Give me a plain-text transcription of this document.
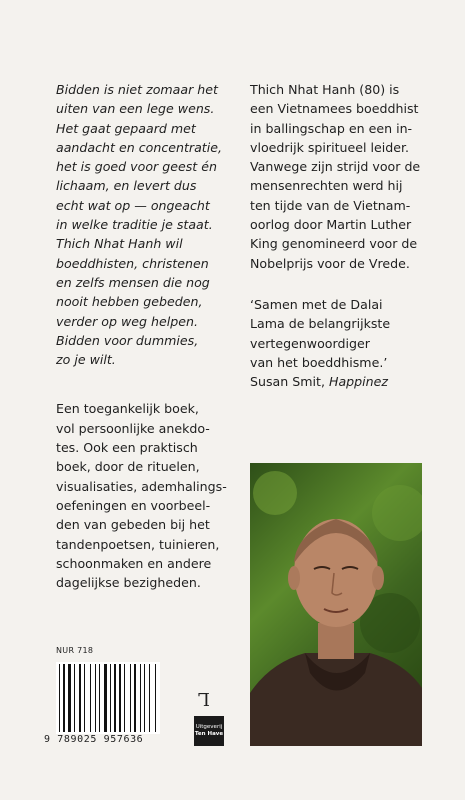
Bidden is niet zomaar het
uiten van een lege wens.
Het gaat gepaard met
aandacht en concentratie,
het is goed voor geest én
lichaam, en levert dus
echt wat op — ongeacht
in welke traditie je staat.
Thich Nhat Hanh wil
boeddhisten, christenen
en zelfs mensen die nog
nooit hebben gebeden,
verder op weg helpen.
Bidden voor dummies,
zo je wilt.
Een toegankelijk boek,
vol persoonlijke anekdo-
tes. Ook een praktisch
boek, door de rituelen,
visualisaties, ademhalings-
oefeningen en voorbeel-
den van gebeden bij het
tandenpoetsen, tuinieren,
schoonmaken en andere
dagelijkse bezigheden.
Thich Nhat Hanh (80) is
een Vietnamees boeddhist
in ballingschap en een in-
vloedrijk spiritueel leider.
Vanwege zijn strijd voor de
mensenrechten werd hij
ten tijde van de Vietnam-
oorlog door Martin Luther
King genomineerd voor de
Nobelprijs voor de Vrede.
‘Samen met de Dalai
Lama de belangrijkste
vertegenwoordiger
van het boeddhisme.’
Susan Smit, Happinez
NUR 718
9 789025 957636
Ꞁ
Uitgeverij
Ten Have
